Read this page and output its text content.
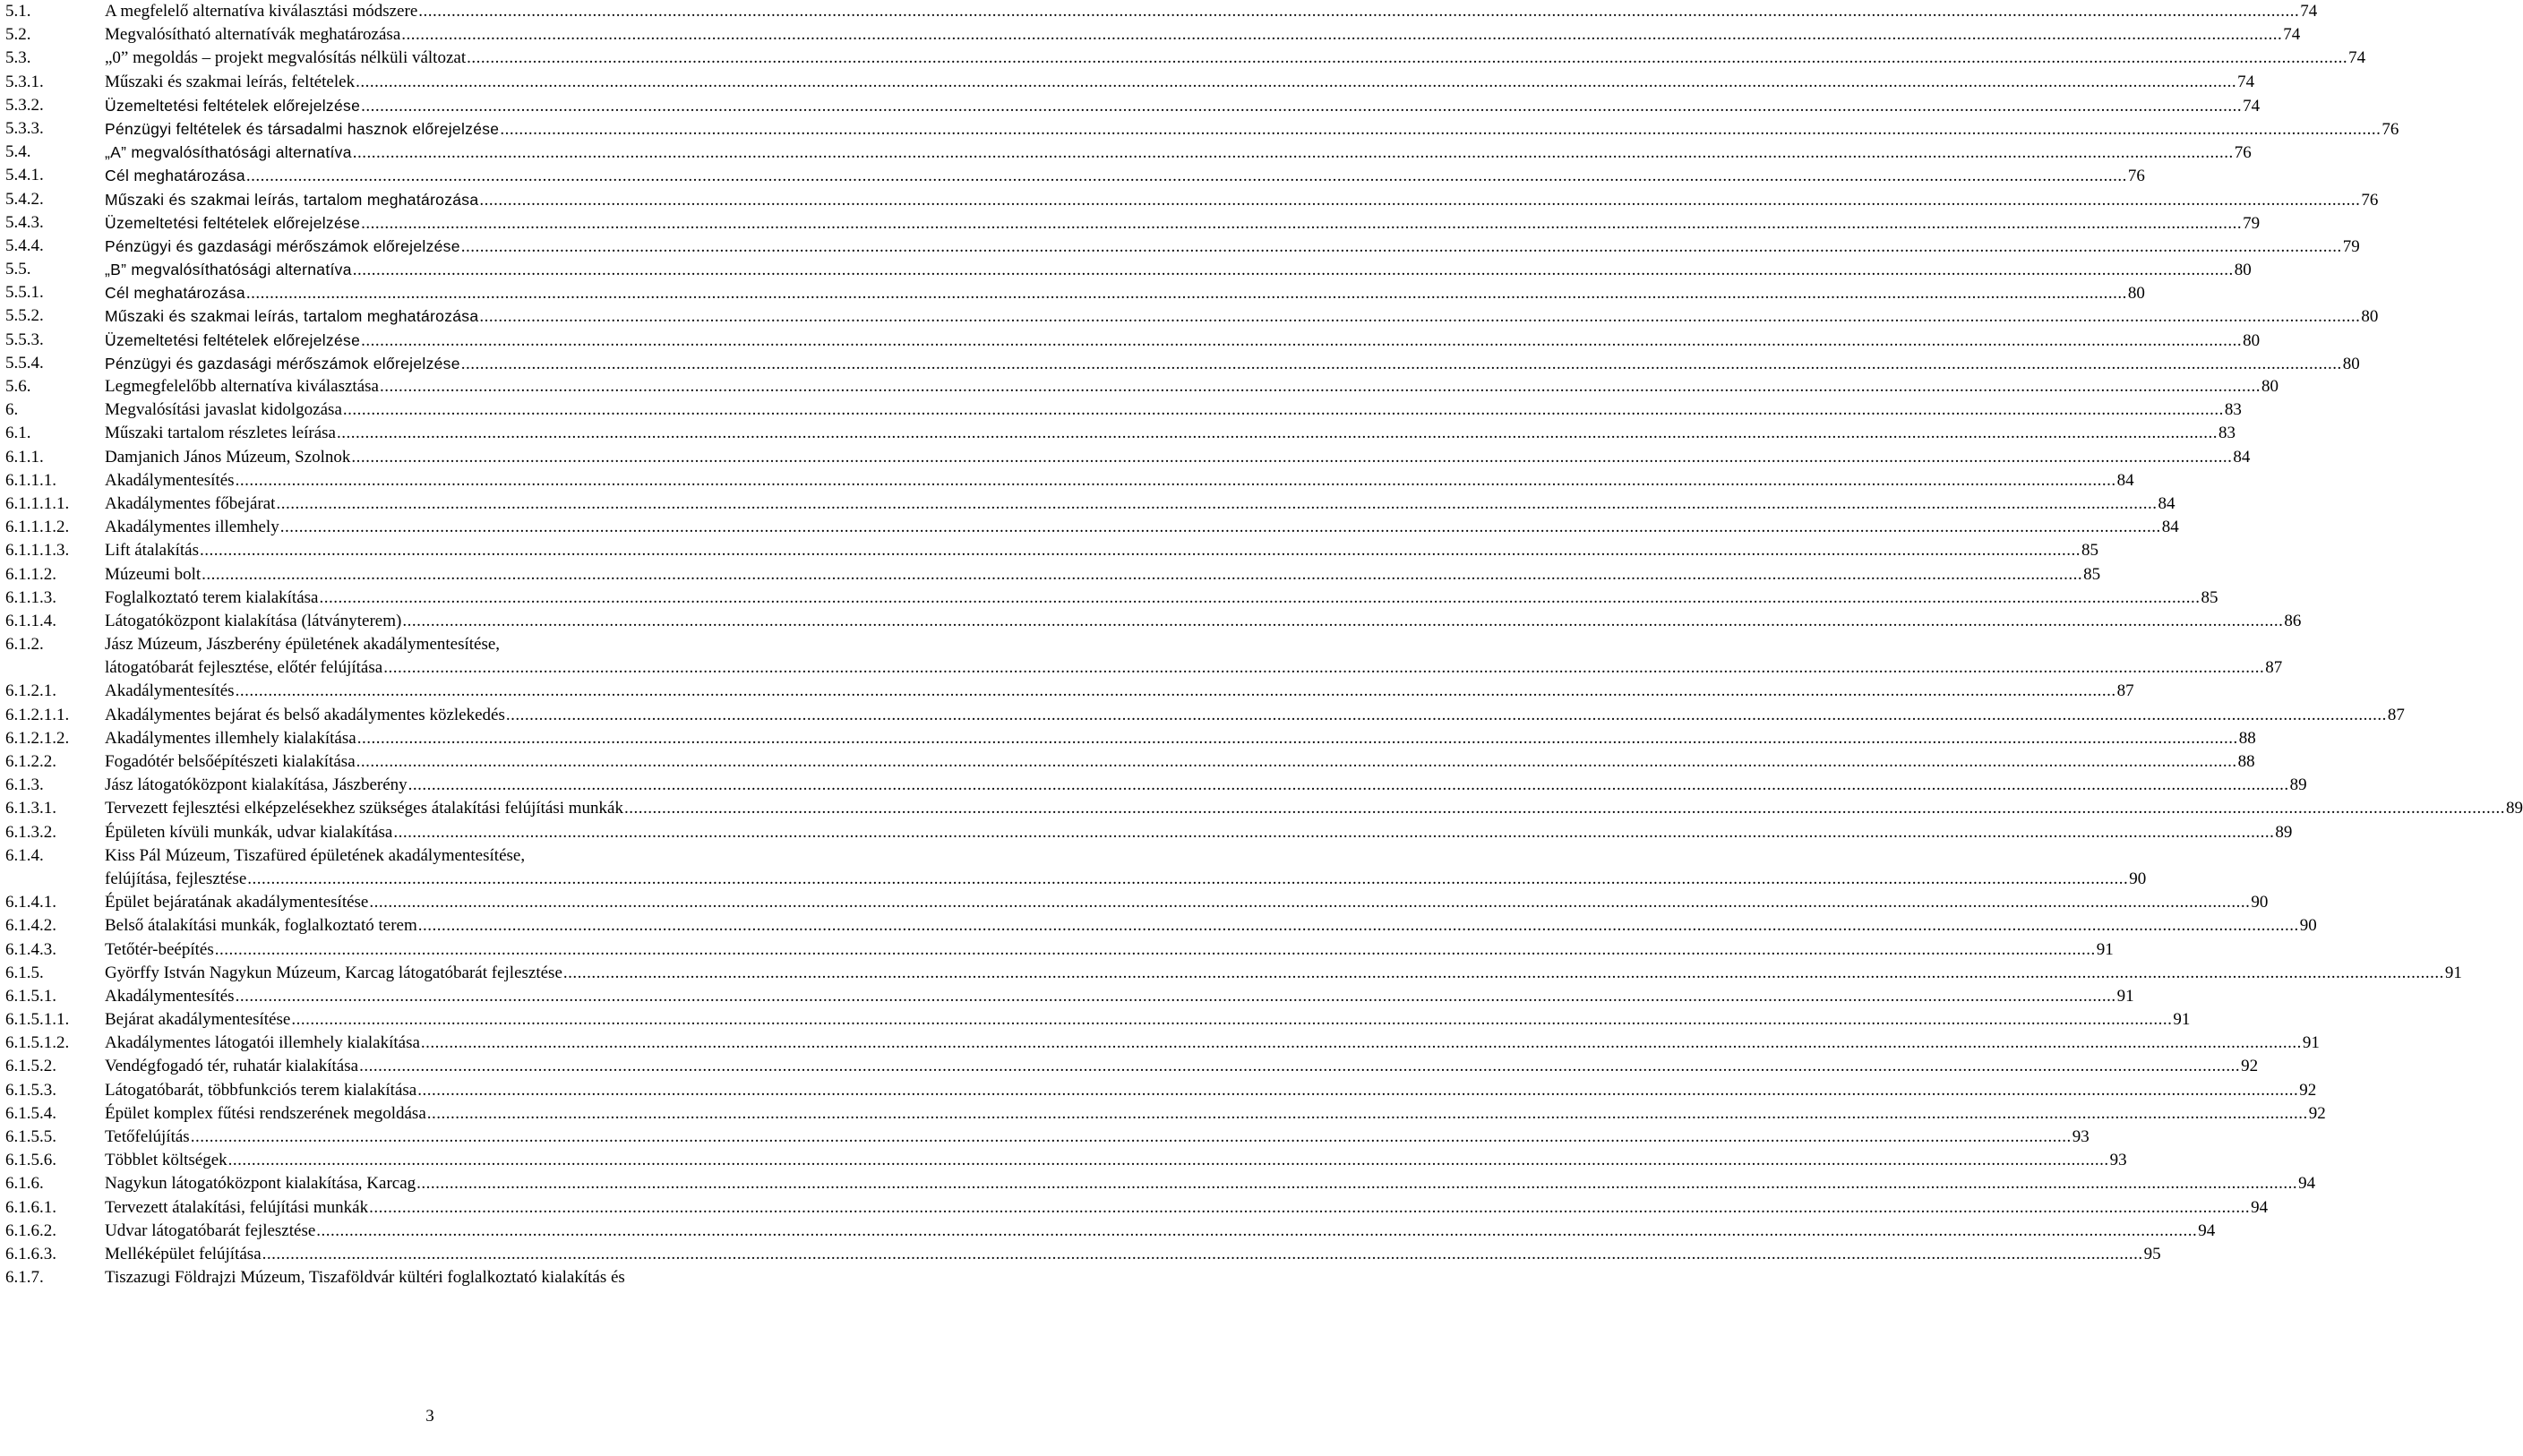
5.1.	A megfelelő alternatíva kiválasztási módszere ................................................................................................................................................................................................................................................................................................................................................................................................................ 74
5.2.	Megvalósítható alternatívák meghatározása ................................................................................................................................................................................................................................................................................................................................................................................................................ 74
5.3.	„0” megoldás – projekt megvalósítás nélküli változat ................................................................................................................................................................................................................................................................................................................................................................................................................ 74
5.3.1.	Műszaki és szakmai leírás, feltételek ................................................................................................................................................................................................................................................................................................................................................................................................................ 74
5.3.2.	Üzemeltetési feltételek előrejelzése ................................................................................................................................................................................................................................................................................................................................................................................................................ 74
5.3.3.	Pénzügyi feltételek és társadalmi hasznok előrejelzése ................................................................................................................................................................................................................................................................................................................................................................................................................ 76
5.4.	„A” megvalósíthatósági alternatíva ................................................................................................................................................................................................................................................................................................................................................................................................................ 76
5.4.1.	Cél meghatározása ................................................................................................................................................................................................................................................................................................................................................................................................................ 76
5.4.2.	Műszaki és szakmai leírás, tartalom meghatározása ................................................................................................................................................................................................................................................................................................................................................................................................................ 76
5.4.3.	Üzemeltetési feltételek előrejelzése ................................................................................................................................................................................................................................................................................................................................................................................................................ 79
5.4.4.	Pénzügyi és gazdasági mérőszámok előrejelzése ................................................................................................................................................................................................................................................................................................................................................................................................................ 79
5.5.	„B” megvalósíthatósági alternatíva ................................................................................................................................................................................................................................................................................................................................................................................................................ 80
5.5.1.	Cél meghatározása ................................................................................................................................................................................................................................................................................................................................................................................................................ 80
5.5.2.	Műszaki és szakmai leírás, tartalom meghatározása ................................................................................................................................................................................................................................................................................................................................................................................................................ 80
5.5.3.	Üzemeltetési feltételek előrejelzése ................................................................................................................................................................................................................................................................................................................................................................................................................ 80
5.5.4.	Pénzügyi és gazdasági mérőszámok előrejelzése ................................................................................................................................................................................................................................................................................................................................................................................................................ 80
5.6.	Legmegfelelőbb alternatíva kiválasztása ................................................................................................................................................................................................................................................................................................................................................................................................................ 80
6.	Megvalósítási javaslat kidolgozása ................................................................................................................................................................................................................................................................................................................................................................................................................ 83
6.1.	Műszaki tartalom részletes leírása ................................................................................................................................................................................................................................................................................................................................................................................................................ 83
6.1.1.	Damjanich János Múzeum, Szolnok ................................................................................................................................................................................................................................................................................................................................................................................................................ 84
6.1.1.1.	Akadálymentesítés ................................................................................................................................................................................................................................................................................................................................................................................................................ 84
6.1.1.1.1. Akadálymentes főbejárat ................................................................................................................................................................................................................................................................................................................................................................................................................ 84
6.1.1.1.2. Akadálymentes illemhely ................................................................................................................................................................................................................................................................................................................................................................................................................ 84
6.1.1.1.3. Lift átalakítás ................................................................................................................................................................................................................................................................................................................................................................................................................ 85
6.1.1.2.	Múzeumi bolt ................................................................................................................................................................................................................................................................................................................................................................................................................ 85
6.1.1.3.	Foglalkoztató terem kialakítása ................................................................................................................................................................................................................................................................................................................................................................................................................ 85
6.1.1.4.	Látogatóközpont kialakítása (látványterem) ................................................................................................................................................................................................................................................................................................................................................................................................................ 86
6.1.2.	Jász Múzeum, Jászberény épületének akadálymentesítése,
látogatóbarát fejlesztése, előtér felújítása ................................................................................................................................................................................................................................................................................................................................................................................................................ 87
6.1.2.1.	Akadálymentesítés ................................................................................................................................................................................................................................................................................................................................................................................................................ 87
6.1.2.1.1. Akadálymentes bejárat és belső akadálymentes közlekedés ................................................................................................................................................................................................................................................................................................................................................................................................................ 87
6.1.2.1.2. Akadálymentes illemhely kialakítása ................................................................................................................................................................................................................................................................................................................................................................................................................ 88
6.1.2.2.	Fogadótér belsőépítészeti kialakítása ................................................................................................................................................................................................................................................................................................................................................................................................................ 88
6.1.3.	Jász látogatóközpont kialakítása, Jászberény ................................................................................................................................................................................................................................................................................................................................................................................................................ 89
6.1.3.1.	Tervezett fejlesztési elképzelésekhez szükséges átalakítási felújítási munkák ................................................................................................................................................................................................................................................................................................................................................................................................................ 89
6.1.3.2.	Épületen kívüli munkák, udvar kialakítása ................................................................................................................................................................................................................................................................................................................................................................................................................ 89
6.1.4.	Kiss Pál Múzeum, Tiszafüred épületének akadálymentesítése,
felújítása, fejlesztése ................................................................................................................................................................................................................................................................................................................................................................................................................ 90
6.1.4.1.	Épület bejáratának akadálymentesítése ................................................................................................................................................................................................................................................................................................................................................................................................................ 90
6.1.4.2.	Belső átalakítási munkák, foglalkoztató terem ................................................................................................................................................................................................................................................................................................................................................................................................................ 90
6.1.4.3.	Tetőtér-beépítés ................................................................................................................................................................................................................................................................................................................................................................................................................ 91
6.1.5.	Györffy István Nagykun Múzeum, Karcag látogatóbarát fejlesztése ................................................................................................................................................................................................................................................................................................................................................................................................................ 91
6.1.5.1.	Akadálymentesítés ................................................................................................................................................................................................................................................................................................................................................................................................................ 91
6.1.5.1.1. Bejárat akadálymentesítése ................................................................................................................................................................................................................................................................................................................................................................................................................ 91
6.1.5.1.2. Akadálymentes látogatói illemhely kialakítása ................................................................................................................................................................................................................................................................................................................................................................................................................ 91
6.1.5.2.	Vendégfogadó tér, ruhatár kialakítása ................................................................................................................................................................................................................................................................................................................................................................................................................ 92
6.1.5.3.	Látogatóbarát, többfunkciós terem kialakítása ................................................................................................................................................................................................................................................................................................................................................................................................................ 92
6.1.5.4.	Épület komplex fűtési rendszerének megoldása ................................................................................................................................................................................................................................................................................................................................................................................................................ 92
6.1.5.5.	Tetőfelújítás ................................................................................................................................................................................................................................................................................................................................................................................................................ 93
6.1.5.6.	Többlet költségek ................................................................................................................................................................................................................................................................................................................................................................................................................ 93
6.1.6.	Nagykun látogatóközpont kialakítása, Karcag ................................................................................................................................................................................................................................................................................................................................................................................................................ 94
6.1.6.1.	Tervezett átalakítási, felújítási munkák ................................................................................................................................................................................................................................................................................................................................................................................................................ 94
6.1.6.2.	Udvar látogatóbarát fejlesztése ................................................................................................................................................................................................................................................................................................................................................................................................................ 94
6.1.6.3.	Melléképület felújítása ................................................................................................................................................................................................................................................................................................................................................................................................................ 95
6.1.7.	Tiszazugi Földrajzi Múzeum, Tiszaföldvár kültéri foglalkoztató kialakítás és
3
